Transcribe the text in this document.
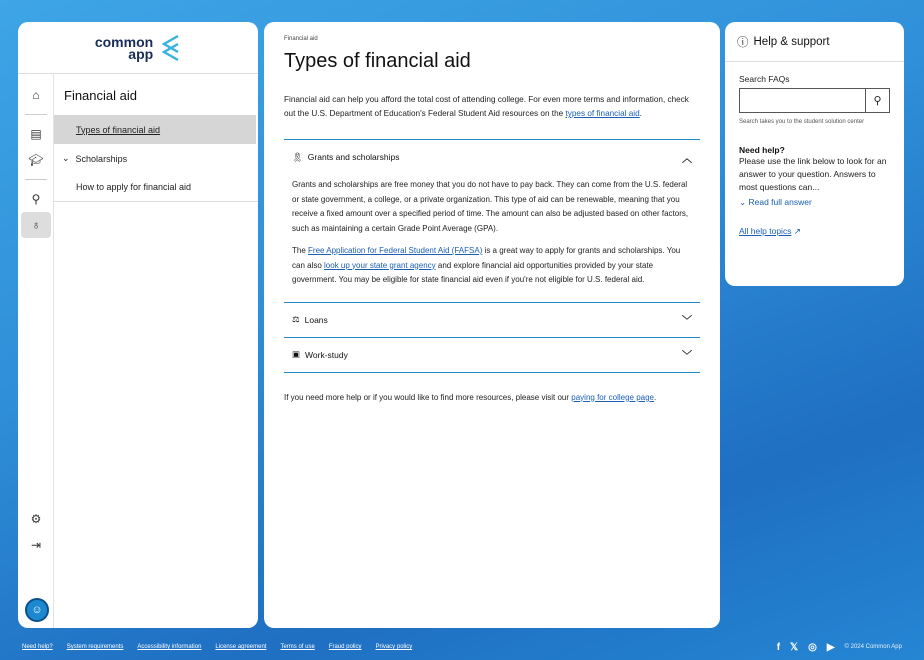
common
app
⌂
▤
🎓︎
⚲
♁
⚙
⇥
☺
Financial aid
Types of financial aid
⌄ Scholarships
How to apply for financial aid
Financial aid
Types of financial aid

Financial aid can help you afford the total cost of attending college. For even more terms and information, check out the U.S. Department of Education's Federal Student Aid resources on the types of financial aid.

🎗︎ Grants and scholarships	︿

Grants and scholarships are free money that you do not have to pay back. They can come from the U.S. federal or state government, a college, or a private organization. This type of aid can be renewable, meaning that you receive a fixed amount over a specified period of time. The amount can also be adjusted based on other factors, such as maintaining a certain Grade Point Average (GPA).

The Free Application for Federal Student Aid (FAFSA) is a great way to apply for grants and scholarships. You can also look up your state grant agency and explore financial aid opportunities provided by your state government. You may be eligible for state financial aid even if you're not eligible for U.S. federal aid.

⚖ Loans	﹀
▣ Work-study	﹀

If you need more help or if you would like to find more resources, please visit our paying for college page.

ⓘ Help & support
Search FAQs
⚲
Search takes you to the student solution center
Need help?
Please use the link below to look for an answer to your question. Answers to most questions can...
⌄ Read full answer
All help topics ↗
Need help? System requirements Accessibility information License agreement Terms of use Fraud policy Privacy policy	f 𝕏 ◎ ▶ © 2024 Common App
